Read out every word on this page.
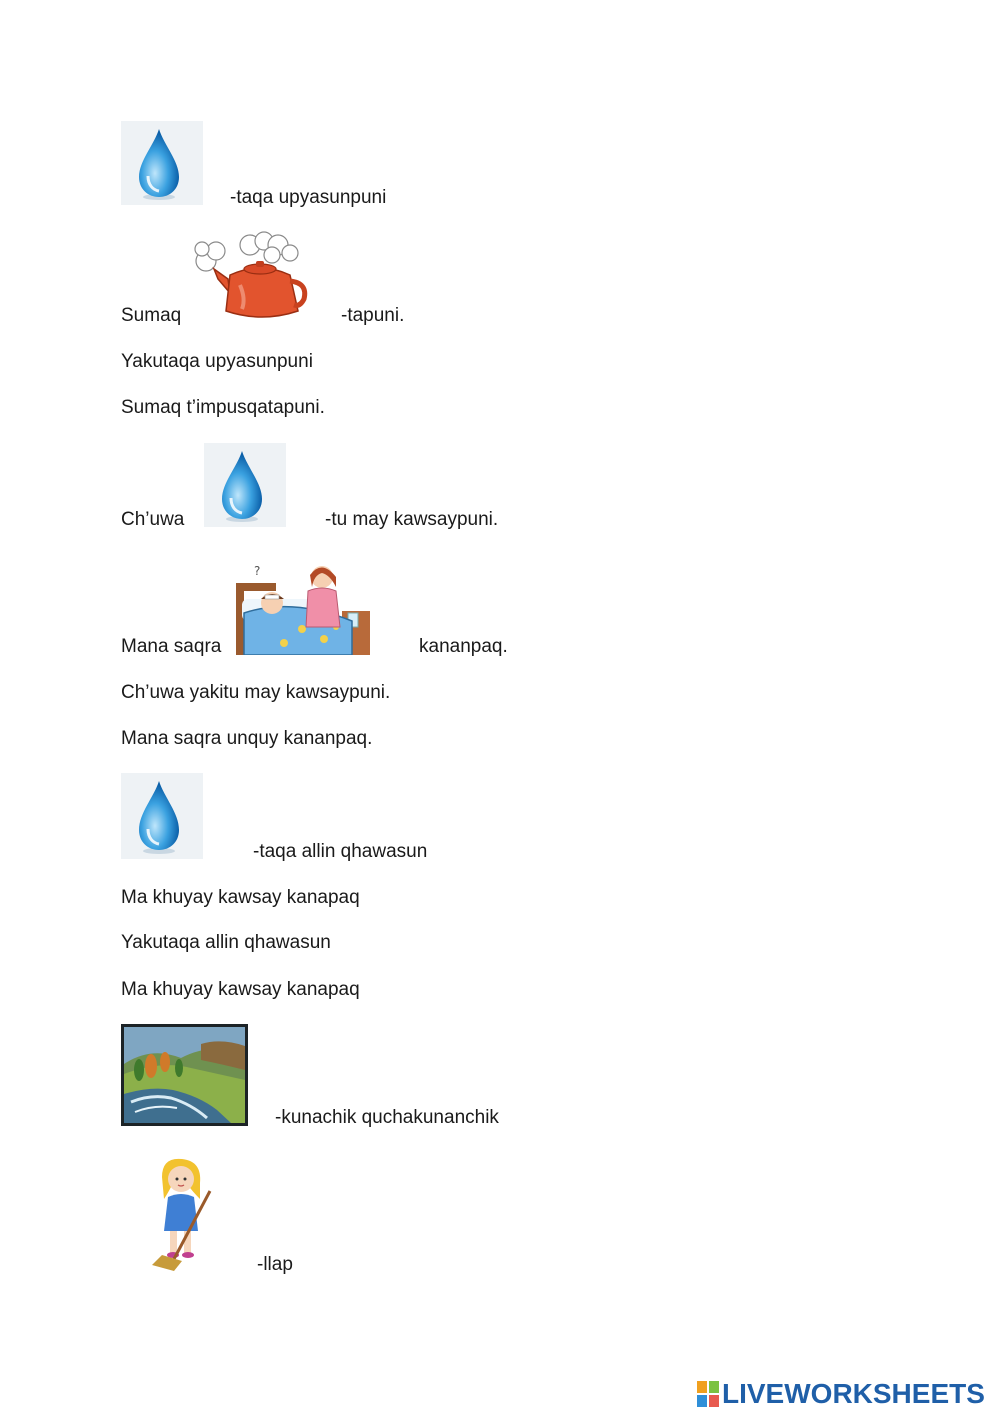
-taqa upyasunpuni
Sumaq	-tapuni.
Yakutaqa upyasunpuni
Sumaq t’impusqatapuni.
Ch’uwa	-tu may kawsaypuni.
Mana saqra
?
kananpaq.
Ch’uwa yakitu may kawsaypuni.
Mana saqra unquy kananpaq.
-taqa allin qhawasun
Ma khuyay kawsay kanapaq
Yakutaqa allin qhawasun
Ma khuyay kawsay kanapaq
-kunachik quchakunanchik
-llap
LIVEWORKSHEETS
